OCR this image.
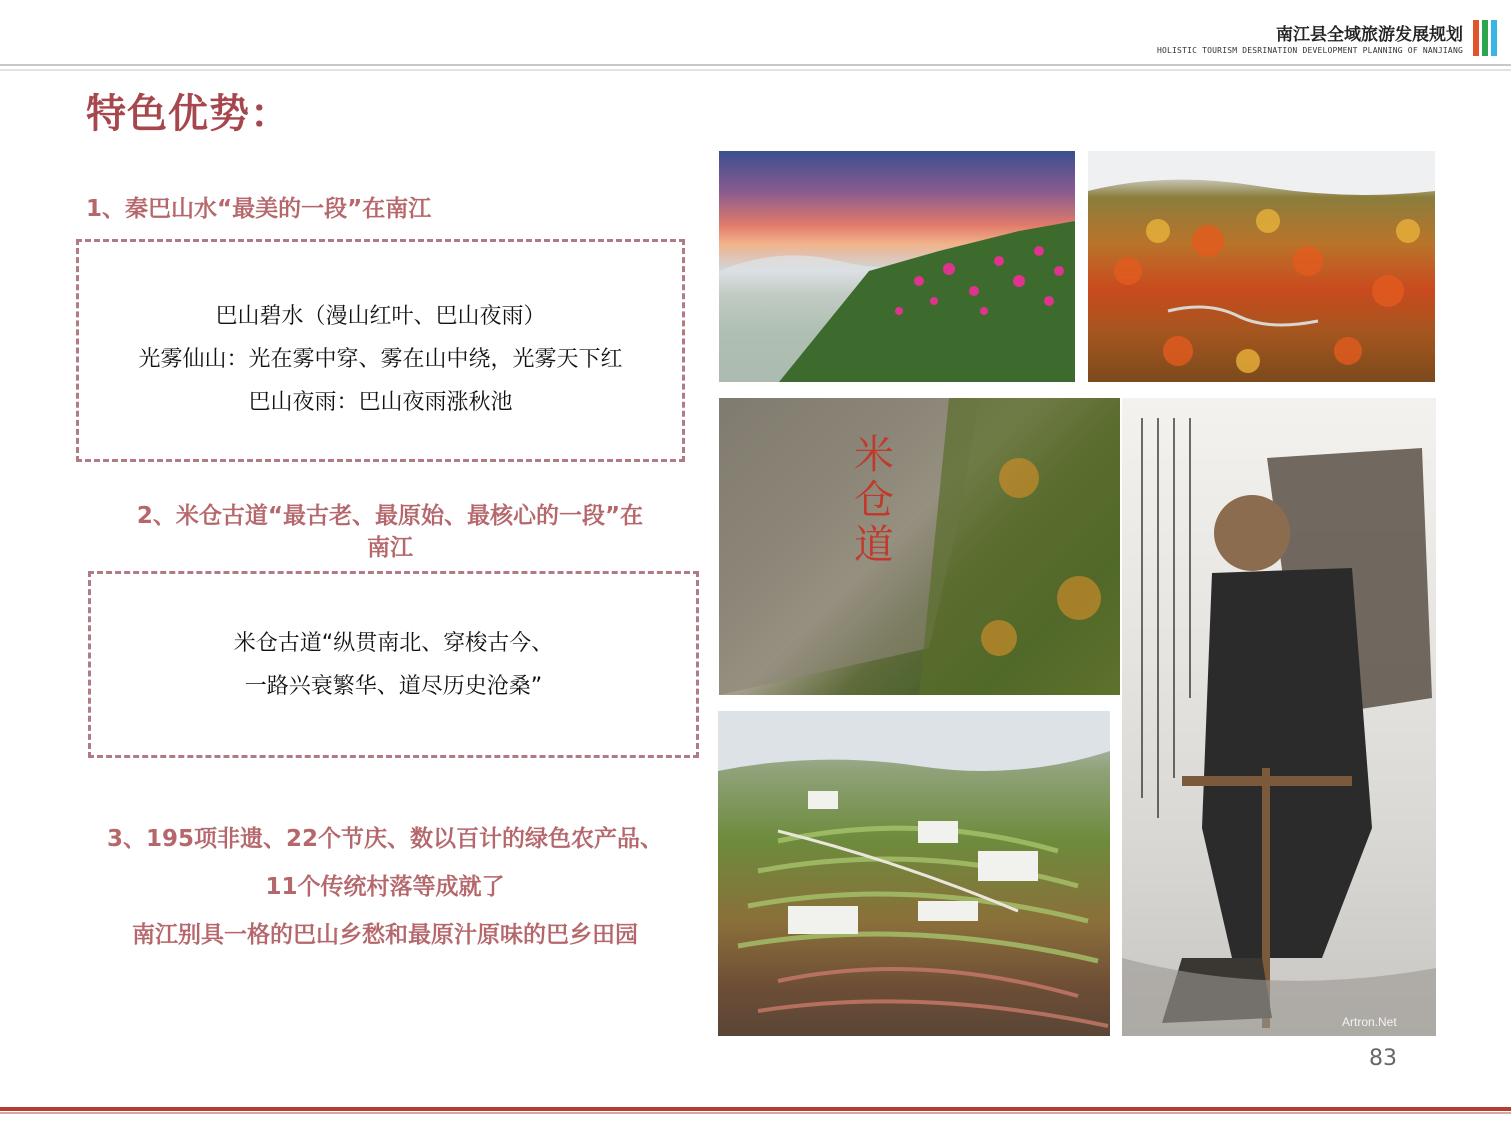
南江县全域旅游发展规划
HOLISTIC TOURISM DESRINATION DEVELOPMENT PLANNING OF NANJIANG
特色优势：
1、秦巴山水“最美的一段”在南江
巴山碧水（漫山红叶、巴山夜雨）
光雾仙山：光在雾中穿、雾在山中绕，光雾天下红
巴山夜雨：巴山夜雨涨秋池
2、米仓古道“最古老、最原始、最核心的一段”在
南江
米仓古道“纵贯南北、穿梭古今、
一路兴衰繁华、道尽历史沧桑”
3、195项非遗、22个节庆、数以百计的绿色农产品、
11个传统村落等成就了
南江别具一格的巴山乡愁和最原汁原味的巴乡田园
米
仓
道
Artron.Net
83
